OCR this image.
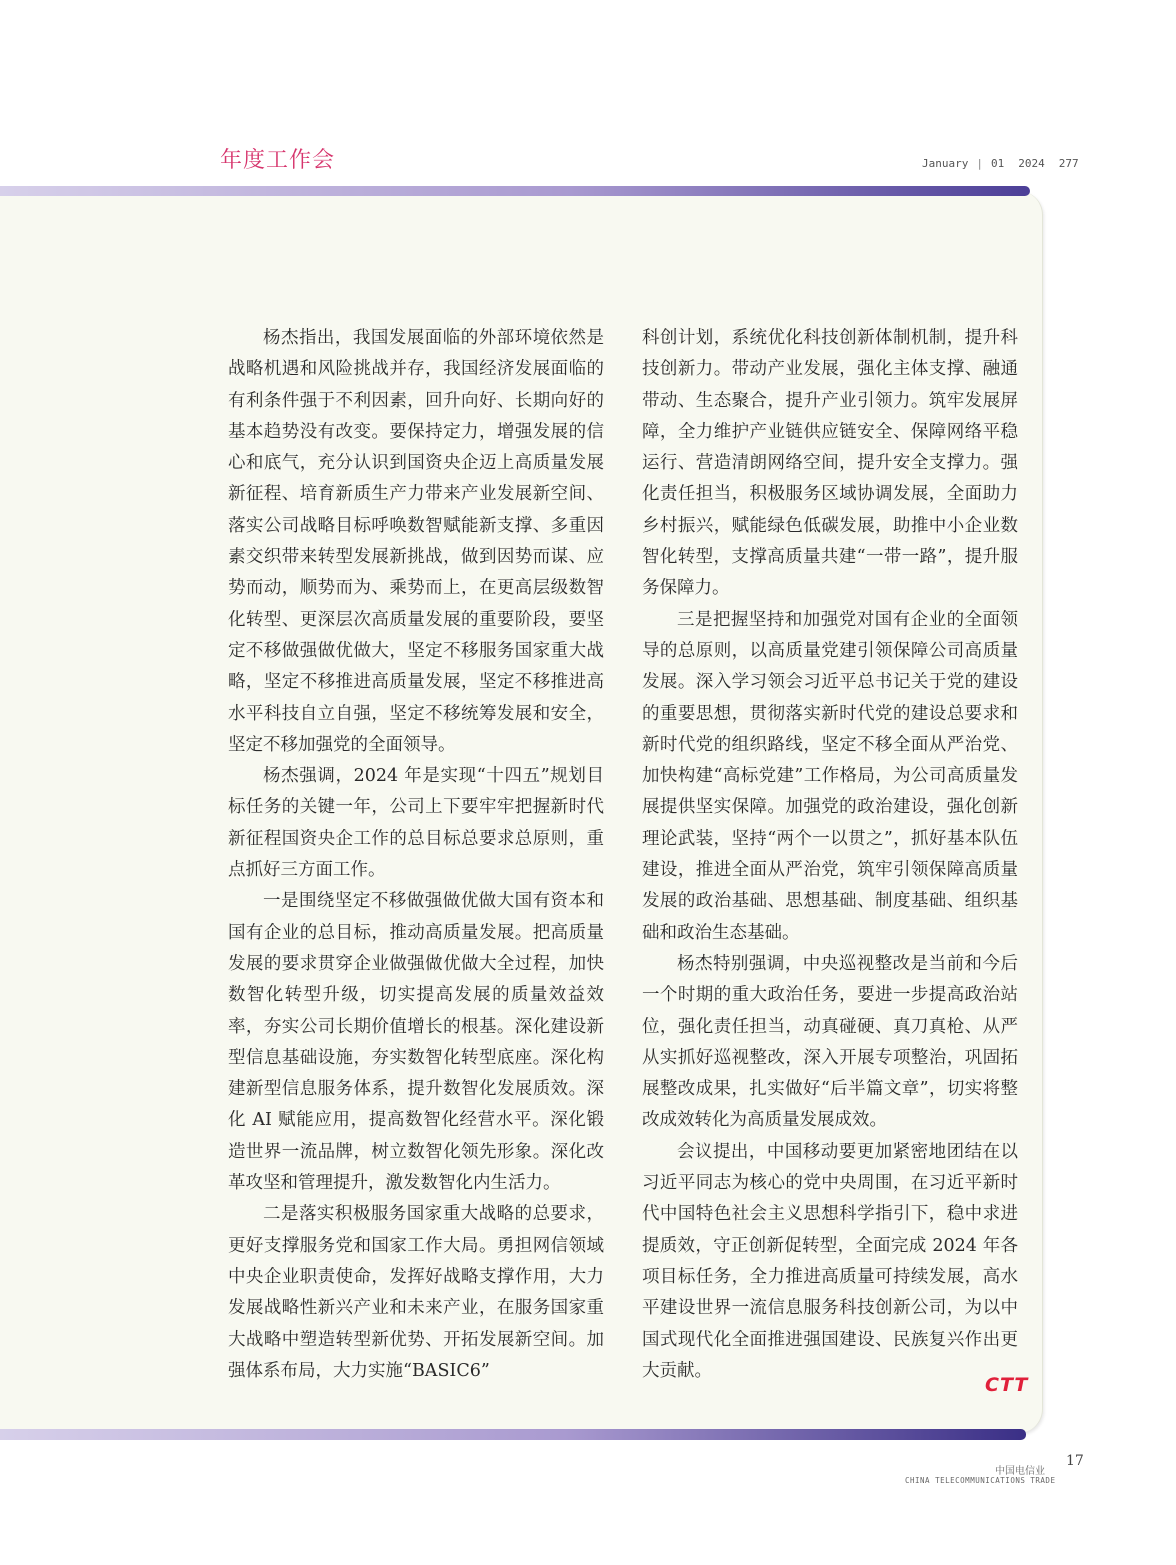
年度工作会	January | 01 2024 277

杨杰指出，我国发展面临的外部环境依然是战略机遇和风险挑战并存，我国经济发展面临的有利条件强于不利因素，回升向好、长期向好的基本趋势没有改变。要保持定力，增强发展的信心和底气，充分认识到国资央企迈上高质量发展新征程、培育新质生产力带来产业发展新空间、落实公司战略目标呼唤数智赋能新支撑、多重因素交织带来转型发展新挑战，做到因势而谋、应势而动，顺势而为、乘势而上，在更高层级数智化转型、更深层次高质量发展的重要阶段，要坚定不移做强做优做大，坚定不移服务国家重大战略，坚定不移推进高质量发展，坚定不移推进高水平科技自立自强，坚定不移统筹发展和安全，坚定不移加强党的全面领导。

杨杰强调，2024 年是实现“十四五”规划目标任务的关键一年，公司上下要牢牢把握新时代新征程国资央企工作的总目标总要求总原则，重点抓好三方面工作。

一是围绕坚定不移做强做优做大国有资本和国有企业的总目标，推动高质量发展。把高质量发展的要求贯穿企业做强做优做大全过程，加快数智化转型升级，切实提高发展的质量效益效率，夯实公司长期价值增长的根基。深化建设新型信息基础设施，夯实数智化转型底座。深化构建新型信息服务体系，提升数智化发展质效。深化 AI 赋能应用，提高数智化经营水平。深化锻造世界一流品牌，树立数智化领先形象。深化改革攻坚和管理提升，激发数智化内生活力。

二是落实积极服务国家重大战略的总要求，更好支撑服务党和国家工作大局。勇担网信领域中央企业职责使命，发挥好战略支撑作用，大力发展战略性新兴产业和未来产业，在服务国家重大战略中塑造转型新优势、开拓发展新空间。加强体系布局，大力实施“BASIC6”

科创计划，系统优化科技创新体制机制，提升科技创新力。带动产业发展，强化主体支撑、融通带动、生态聚合，提升产业引领力。筑牢发展屏障，全力维护产业链供应链安全、保障网络平稳运行、营造清朗网络空间，提升安全支撑力。强化责任担当，积极服务区域协调发展，全面助力乡村振兴，赋能绿色低碳发展，助推中小企业数智化转型，支撑高质量共建“一带一路”，提升服务保障力。

三是把握坚持和加强党对国有企业的全面领导的总原则，以高质量党建引领保障公司高质量发展。深入学习领会习近平总书记关于党的建设的重要思想，贯彻落实新时代党的建设总要求和新时代党的组织路线，坚定不移全面从严治党、加快构建“高标党建”工作格局，为公司高质量发展提供坚实保障。加强党的政治建设，强化创新理论武装，坚持“两个一以贯之”，抓好基本队伍建设，推进全面从严治党，筑牢引领保障高质量发展的政治基础、思想基础、制度基础、组织基础和政治生态基础。

杨杰特别强调，中央巡视整改是当前和今后一个时期的重大政治任务，要进一步提高政治站位，强化责任担当，动真碰硬、真刀真枪、从严从实抓好巡视整改，深入开展专项整治，巩固拓展整改成果，扎实做好“后半篇文章”，切实将整改成效转化为高质量发展成效。

会议提出，中国移动要更加紧密地团结在以习近平同志为核心的党中央周围，在习近平新时代中国特色社会主义思想科学指引下，稳中求进提质效，守正创新促转型，全面完成 2024 年各项目标任务，全力推进高质量可持续发展，高水平建设世界一流信息服务科技创新公司，为以中国式现代化全面推进强国建设、民族复兴作出更大贡献。

CTT
中国电信业
CHINA TELECOMMUNICATIONS TRADE
17
